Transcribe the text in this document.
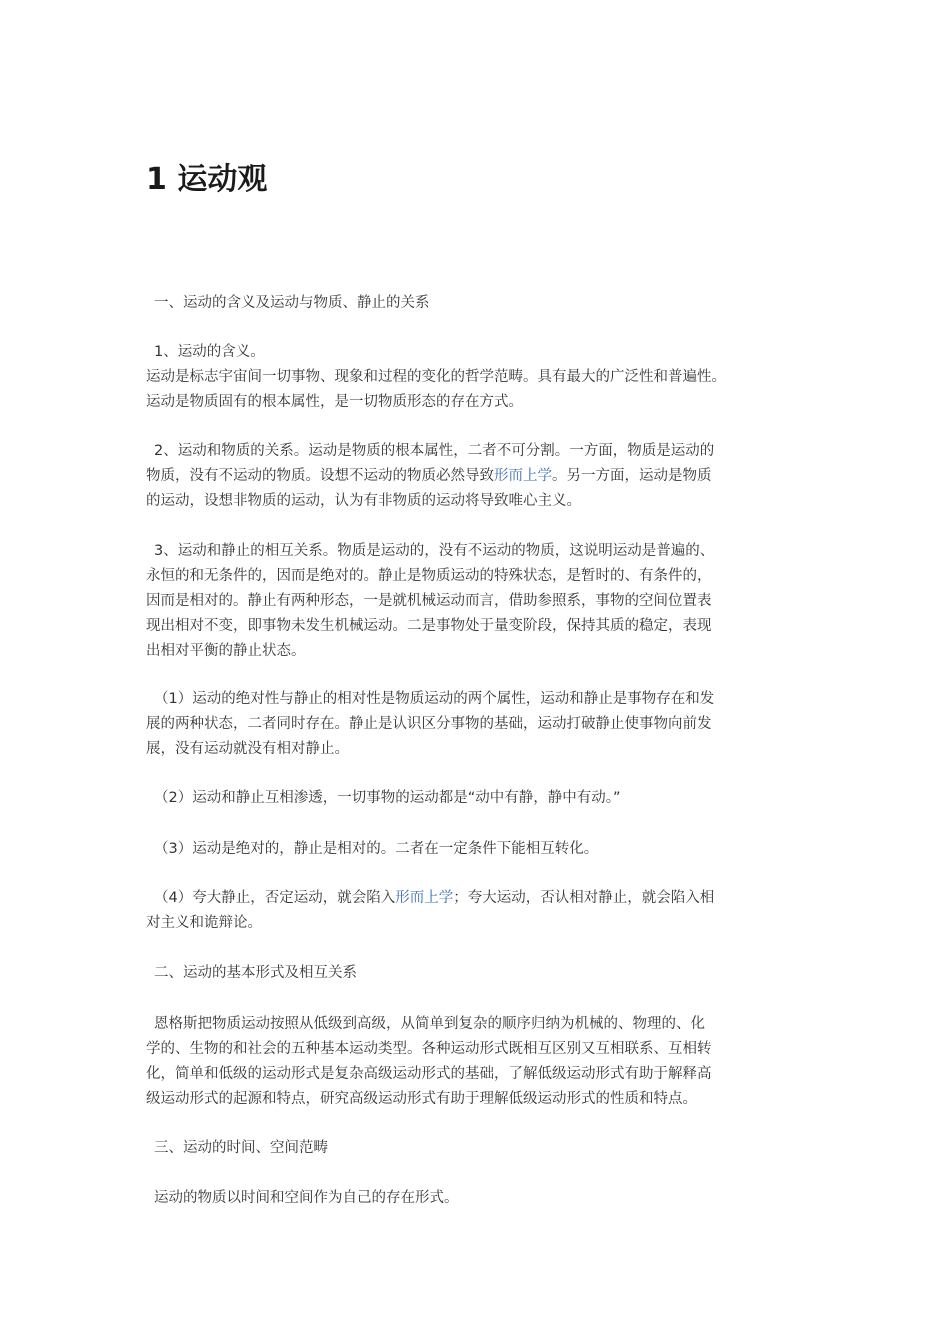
1 运动观

一、运动的含义及运动与物质、静止的关系

1、运动的含义。
运动是标志宇宙间一切事物、现象和过程的变化的哲学范畴。具有最大的广泛性和普遍性。
运动是物质固有的根本属性，是一切物质形态的存在方式。

2、运动和物质的关系。运动是物质的根本属性，二者不可分割。一方面，物质是运动的
物质，没有不运动的物质。设想不运动的物质必然导致形而上学。另一方面，运动是物质
的运动，设想非物质的运动，认为有非物质的运动将导致唯心主义。

3、运动和静止的相互关系。物质是运动的，没有不运动的物质，这说明运动是普遍的、
永恒的和无条件的，因而是绝对的。静止是物质运动的特殊状态，是暂时的、有条件的，
因而是相对的。静止有两种形态，一是就机械运动而言，借助参照系，事物的空间位置表
现出相对不变，即事物未发生机械运动。二是事物处于量变阶段，保持其质的稳定，表现
出相对平衡的静止状态。

（1）运动的绝对性与静止的相对性是物质运动的两个属性，运动和静止是事物存在和发
展的两种状态，二者同时存在。静止是认识区分事物的基础，运动打破静止使事物向前发
展，没有运动就没有相对静止。

（2）运动和静止互相渗透，一切事物的运动都是“动中有静，静中有动。”

（3）运动是绝对的，静止是相对的。二者在一定条件下能相互转化。

（4）夸大静止，否定运动，就会陷入形而上学；夸大运动，否认相对静止，就会陷入相
对主义和诡辩论。

二、运动的基本形式及相互关系

恩格斯把物质运动按照从低级到高级，从简单到复杂的顺序归纳为机械的、物理的、化
学的、生物的和社会的五种基本运动类型。各种运动形式既相互区别又互相联系、互相转
化，简单和低级的运动形式是复杂高级运动形式的基础，了解低级运动形式有助于解释高
级运动形式的起源和特点，研究高级运动形式有助于理解低级运动形式的性质和特点。

三、运动的时间、空间范畴

运动的物质以时间和空间作为自己的存在形式。
